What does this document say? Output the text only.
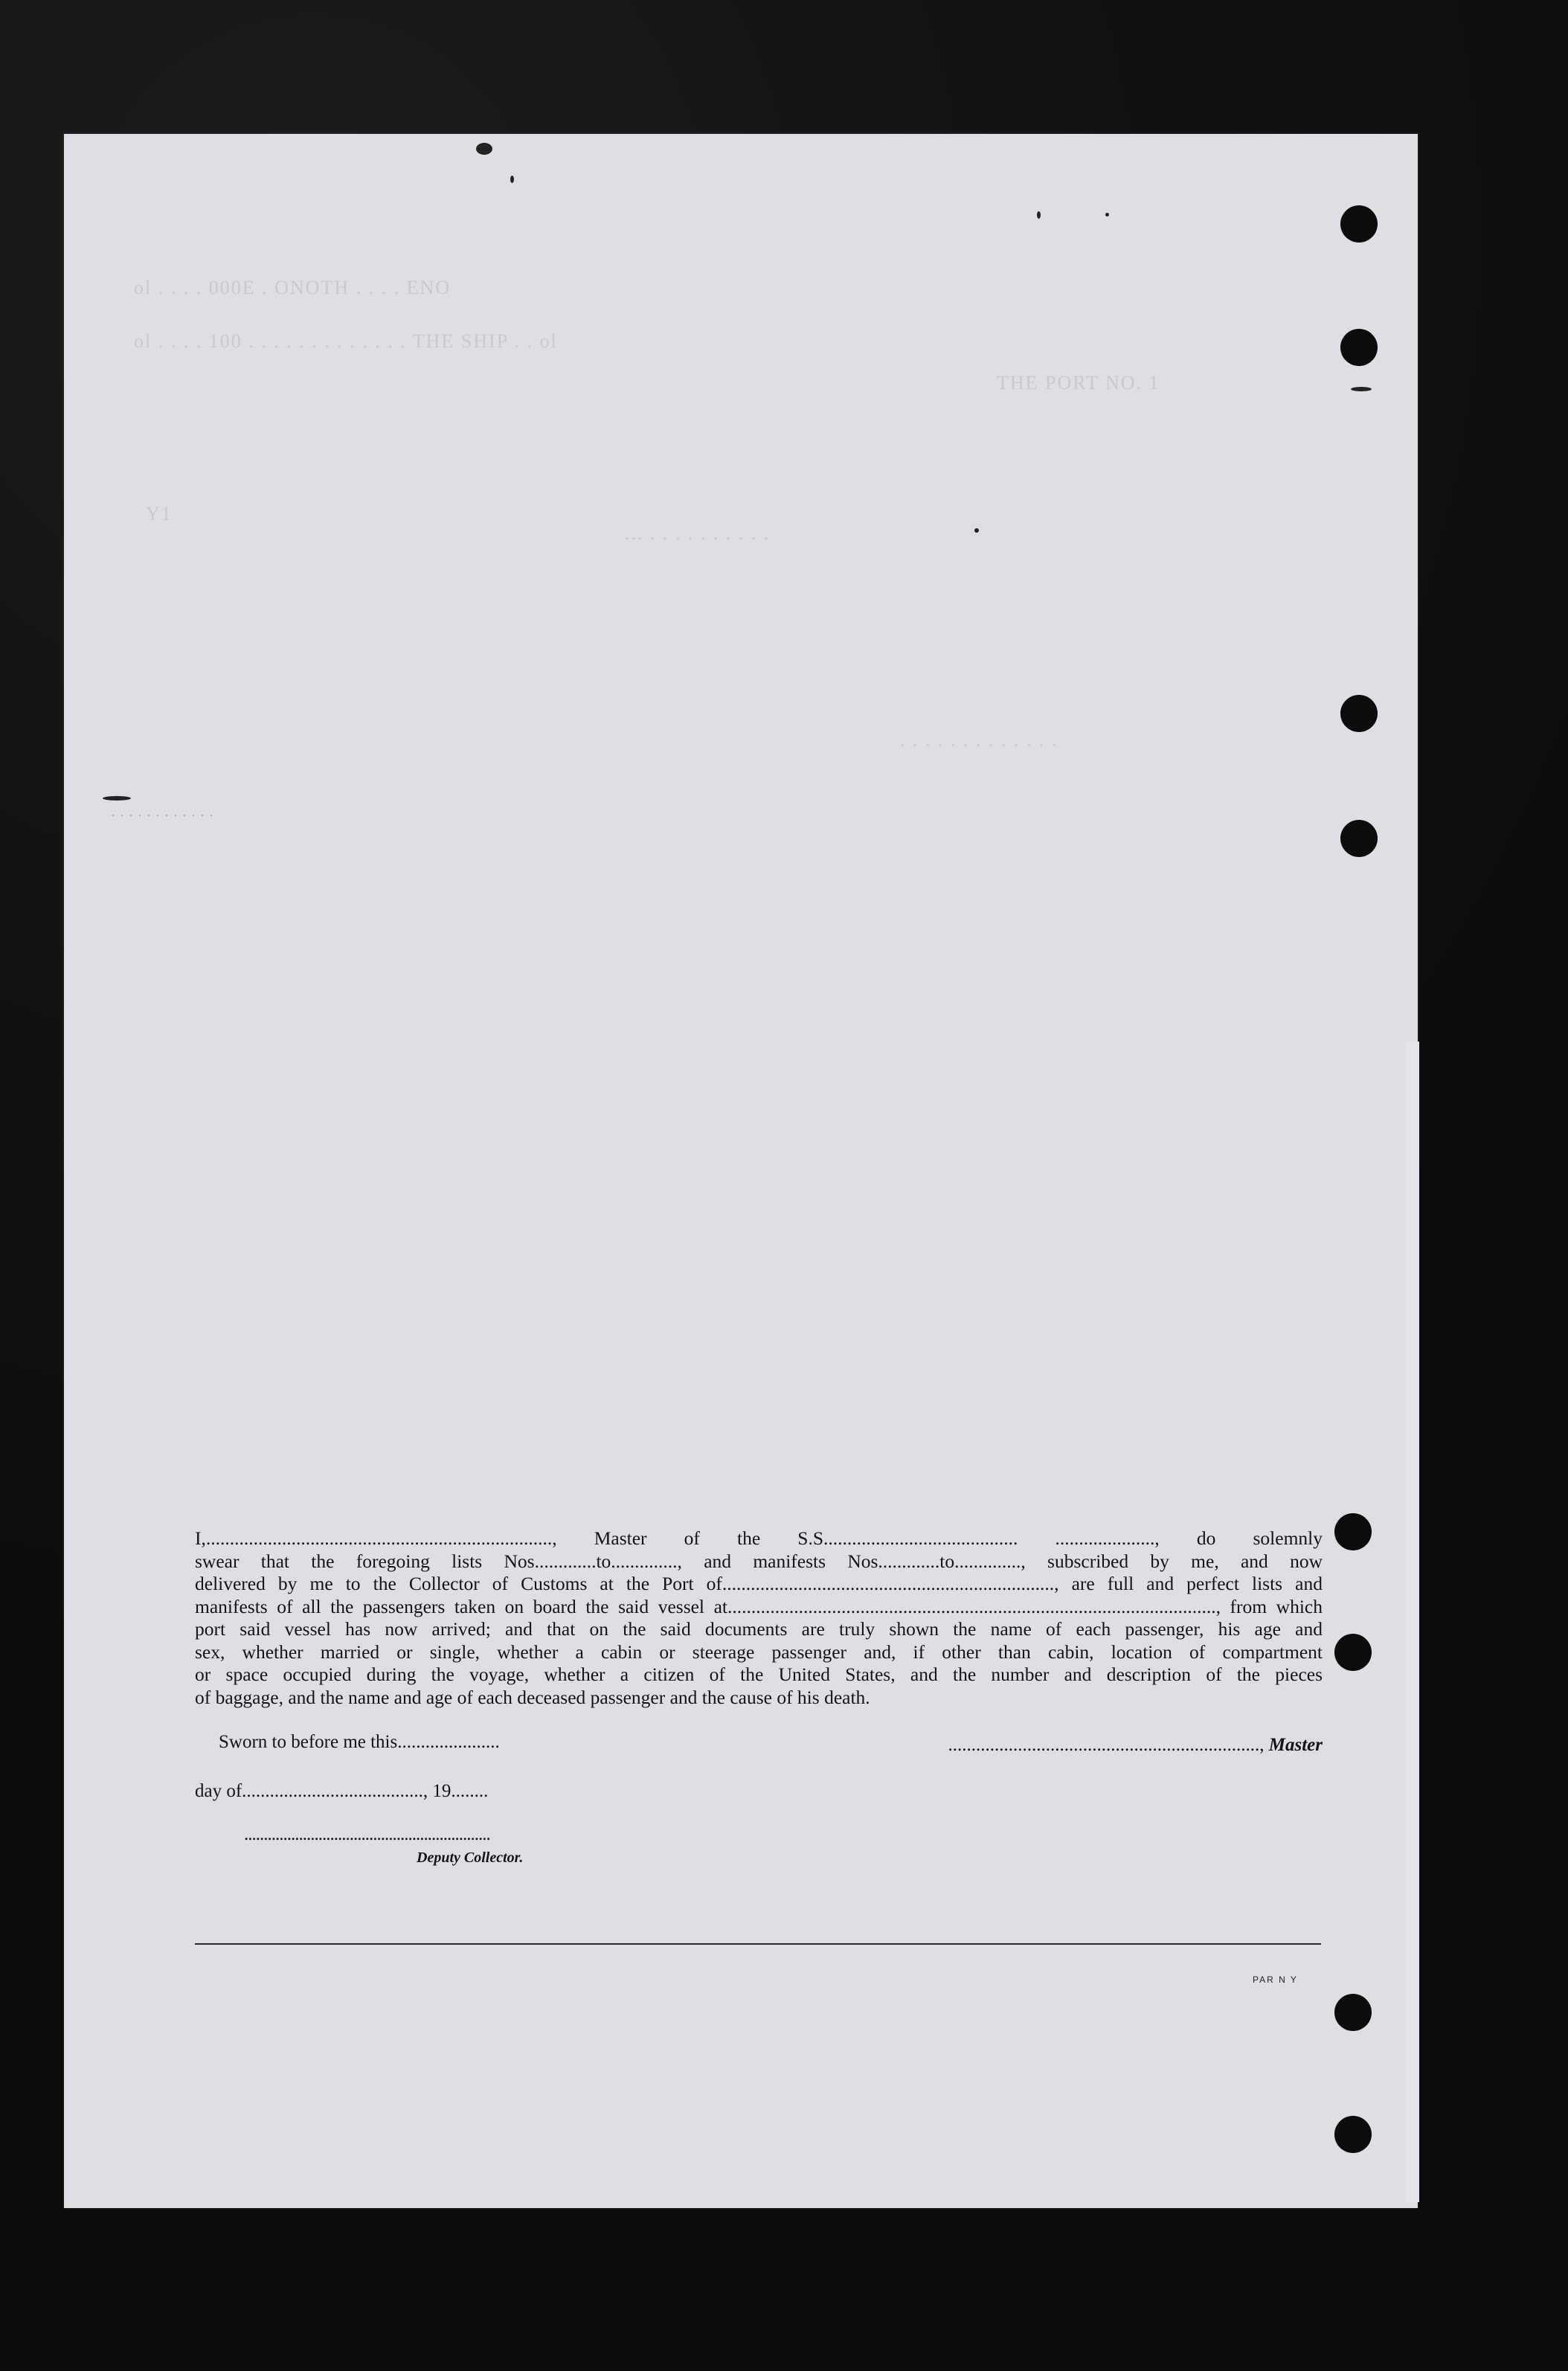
ol . . . . 000E . ONOTH . . . . ENO
ol . . . . 100 . . . . . . . . . . . . . THE SHIP . . ol
THE PORT NO. 1
Y1
... . . . . . . . . . .
. . . . . . . . . . . . .
. . . . . . . . . . . .
I,........................................................................., Master of the S.S......................................... ....................., do solemnly
swear that the foregoing lists Nos.............to.............., and manifests Nos.............to.............., subscribed by me, and now
delivered by me to the Collector of Customs at the Port of......................................................................, are full and perfect lists and
manifests of all the passengers taken on board the said vessel at......................................................................................................., from which
port said vessel has now arrived; and that on the said documents are truly shown the name of each passenger, his age and
sex, whether married or single, whether a cabin or steerage passenger and, if other than cabin, location of compartment
or space occupied during the voyage, whether a citizen of the United States, and the number and description of the pieces
of baggage, and the name and age of each deceased passenger and the cause of his death.
Sworn to before me this......................	..................................................................., Master
day of......................................., 19........
...............................................................
Deputy Collector.
PAR N Y
